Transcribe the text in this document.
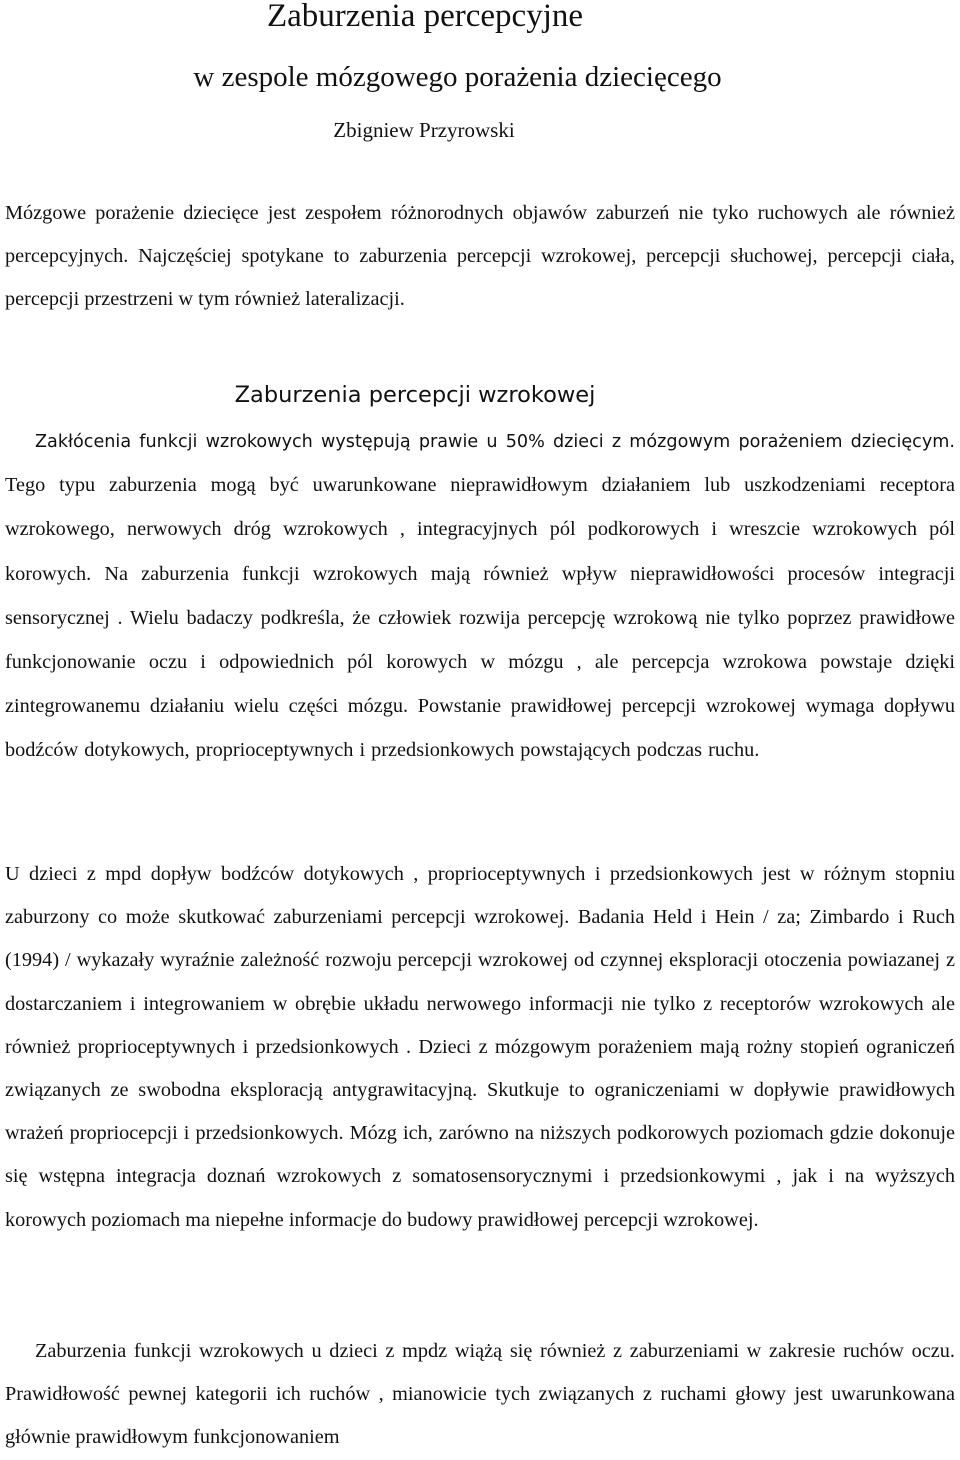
Zaburzenia percepcyjne
w zespole mózgowego porażenia dziecięcego
Zbigniew Przyrowski

Mózgowe porażenie dziecięce jest zespołem różnorodnych objawów zaburzeń nie tyko ruchowych ale również percepcyjnych. Najczęściej spotykane to zaburzenia percepcji wzrokowej, percepcji słuchowej, percepcji ciała, percepcji przestrzeni w tym również lateralizacji.

Zaburzenia percepcji wzrokowej

Zakłócenia funkcji wzrokowych występują prawie u 50% dzieci z mózgowym porażeniem dziecięcym. Tego typu zaburzenia mogą być uwarunkowane nieprawidłowym działaniem lub uszkodzeniami receptora wzrokowego, nerwowych dróg wzrokowych , integracyjnych pól podkorowych i wreszcie wzrokowych pól korowych. Na zaburzenia funkcji wzrokowych mają również wpływ nieprawidłowości procesów integracji sensorycznej . Wielu badaczy podkreśla, że człowiek rozwija percepcję wzrokową nie tylko poprzez prawidłowe funkcjonowanie oczu i odpowiednich pól korowych w mózgu , ale percepcja wzrokowa powstaje dzięki zintegrowanemu działaniu wielu części mózgu. Powstanie prawidłowej percepcji wzrokowej wymaga dopływu bodźców dotykowych, proprioceptywnych i przedsionkowych powstających podczas ruchu.

U dzieci z mpd dopływ bodźców dotykowych , proprioceptywnych i przedsionkowych jest w różnym stopniu zaburzony co może skutkować zaburzeniami percepcji wzrokowej. Badania Held i Hein / za; Zimbardo i Ruch (1994) / wykazały wyraźnie zależność rozwoju percepcji wzrokowej od czynnej eksploracji otoczenia powiazanej z dostarczaniem i integrowaniem w obrębie układu nerwowego informacji nie tylko z receptorów wzrokowych ale również proprioceptywnych i przedsionkowych . Dzieci z mózgowym porażeniem mają rożny stopień ograniczeń związanych ze swobodna eksploracją antygrawitacyjną. Skutkuje to ograniczeniami w dopływie prawidłowych wrażeń propriocepcji i przedsionkowych. Mózg ich, zarówno na niższych podkorowych poziomach gdzie dokonuje się wstępna integracja doznań wzrokowych z somatosensorycznymi i przedsionkowymi , jak i na wyższych korowych poziomach ma niepełne informacje do budowy prawidłowej percepcji wzrokowej.

Zaburzenia funkcji wzrokowych u dzieci z mpdz wiążą się również z zaburzeniami w zakresie ruchów oczu. Prawidłowość pewnej kategorii ich ruchów , mianowicie tych związanych z ruchami głowy jest uwarunkowana głównie prawidłowym funkcjonowaniem
